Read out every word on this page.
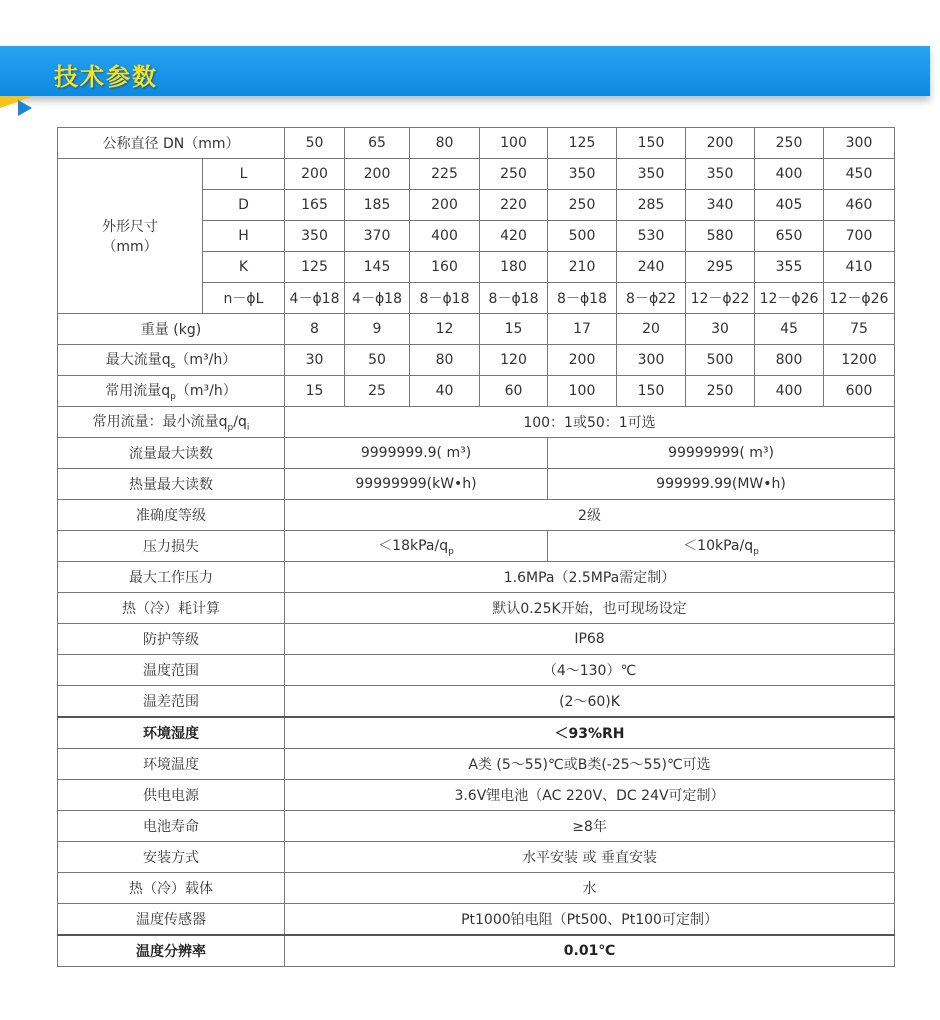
技术参数
公称直径 DN（mm）		50	65	80	100	125	150	200	250	300

外形尺寸
（mm）	L	200	200	225	250	350	350	350	400	450
	D	165	185	200	220	250	285	340	405	460
	H	350	370	400	420	500	530	580	650	700
	K	125	145	160	180	210	240	295	355	410
	n－ϕL	4－ϕ18	4－ϕ18	8－ϕ18	8－ϕ18	8－ϕ18	8－ϕ22	12－ϕ22	12－ϕ26	12－ϕ26
重量 (kg)		8	9	12	15	17	20	30	45	75
最大流量$q_s(m^3/h)$		30	50	80	120	200	300	500	800	1200
常用流量$q_p(m^3/h)$		15	25	40	60	100	150	250	400	600
常用流量：最小流量$q_p/q_i$		100：1或50：1可选								
流量最大读数		9999999.9( m³)				99999999( m³)				
热量最大读数		99999999(kW•h)				999999.99(MW•h)				
准确度等级		2级								
压力损失		$<18kPa/q_p$				$<10kPa/q_p$
最大工作压力		1.6MPa（2.5MPa需定制）								
热（冷）耗计算		默认0.25K开始，也可现场设定								
防护等级		IP68								
温度范围		（4～130）℃								
温差范围		(2～60)K								
环境湿度		＜93%RH								
环境温度		A类 (5～55)℃或B类(-25～55)℃可选								
供电电源		3.6V锂电池（AC 220V、DC 24V可定制）								
电池寿命		≥8年								
安装方式		水平安装 或 垂直安装								
热（冷）载体		水								
温度传感器		Pt1000铂电阻（Pt500、Pt100可定制）								
温度分辨率		0.01℃								
